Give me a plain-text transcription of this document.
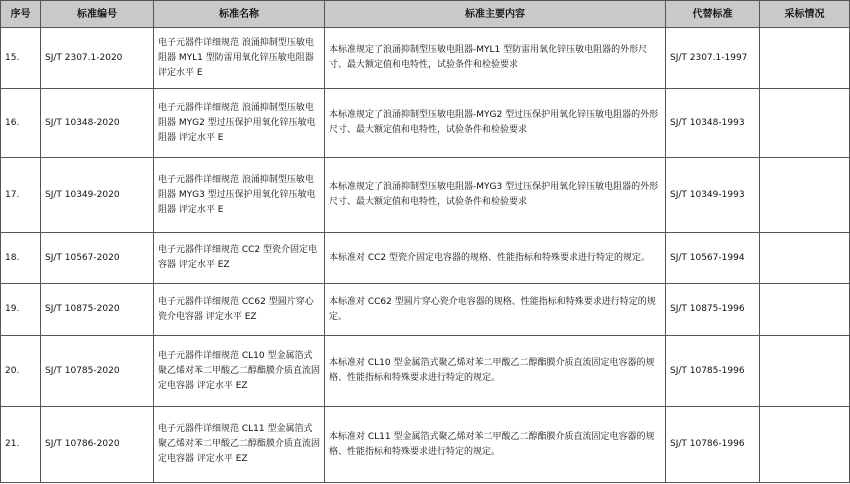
序号	标准编号	标准名称	标准主要内容	代替标准	采标情况
15.	SJ/T 2307.1-2020	电子元器件详细规范 浪涌抑制型压敏电阻器 MYL1 型防雷用氧化锌压敏电阻器 评定水平 E	本标准规定了浪涌抑制型压敏电阻器-MYL1 型防雷用氧化锌压敏电阻器的外形尺寸、最大额定值和电特性，试验条件和检验要求	SJ/T 2307.1-1997	
16.	SJ/T 10348-2020	电子元器件详细规范 浪涌抑制型压敏电阻器 MYG2 型过压保护用氧化锌压敏电阻器 评定水平 E	本标准规定了浪涌抑制型压敏电阻器-MYG2 型过压保护用氧化锌压敏电阻器的外形尺寸、最大额定值和电特性，试验条件和检验要求	SJ/T 10348-1993	
17.	SJ/T 10349-2020	电子元器件详细规范 浪涌抑制型压敏电阻器 MYG3 型过压保护用氧化锌压敏电阻器 评定水平 E	本标准规定了浪涌抑制型压敏电阻器-MYG3 型过压保护用氧化锌压敏电阻器的外形尺寸、最大额定值和电特性，试验条件和检验要求	SJ/T 10349-1993	
18.	SJ/T 10567-2020	电子元器件详细规范 CC2 型瓷介固定电容器 评定水平 EZ	本标准对 CC2 型瓷介固定电容器的规格、性能指标和特殊要求进行特定的规定。	SJ/T 10567-1994	
19.	SJ/T 10875-2020	电子元器件详细规范 CC62 型圆片穿心瓷介电容器 评定水平 EZ	本标准对 CC62 型圆片穿心瓷介电容器的规格、性能指标和特殊要求进行特定的规定。	SJ/T 10875-1996	
20.	SJ/T 10785-2020	电子元器件详细规范 CL10 型金属箔式聚乙烯对苯二甲酸乙二醇酯膜介质直流固定电容器 评定水平 EZ	本标准对 CL10 型金属箔式聚乙烯对苯二甲酸乙二醇酯膜介质直流固定电容器的规格、性能指标和特殊要求进行特定的规定。	SJ/T 10785-1996	
21.	SJ/T 10786-2020	电子元器件详细规范 CL11 型金属箔式聚乙烯对苯二甲酸乙二醇酯膜介质直流固定电容器 评定水平 EZ	本标准对 CL11 型金属箔式聚乙烯对苯二甲酸乙二醇酯膜介质直流固定电容器的规格、性能指标和特殊要求进行特定的规定。	SJ/T 10786-1996	
